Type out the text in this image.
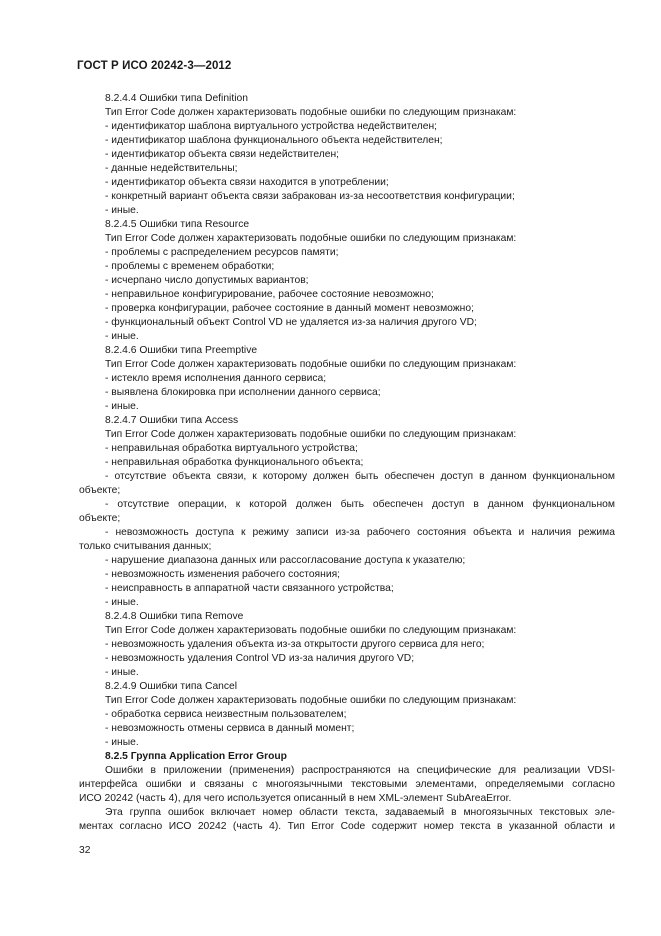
ГОСТ Р ИСО 20242-3—2012
8.2.4.4 Ошибки типа Definition
Тип Error Code должен характеризовать подобные ошибки по следующим признакам:
- идентификатор шаблона виртуального устройства недействителен;
- идентификатор шаблона функционального объекта недействителен;
- идентификатор объекта связи недействителен;
- данные недействительны;
- идентификатор объекта связи находится в употреблении;
- конкретный вариант объекта связи забракован из-за несоответствия конфигурации;
- иные.
8.2.4.5 Ошибки типа Resource
Тип Error Code должен характеризовать подобные ошибки по следующим признакам:
- проблемы с распределением ресурсов памяти;
- проблемы с временем обработки;
- исчерпано число допустимых вариантов;
- неправильное конфигурирование, рабочее состояние невозможно;
- проверка конфигурации, рабочее состояние в данный момент невозможно;
- функциональный объект Control VD не удаляется из-за наличия другого VD;
- иные.
8.2.4.6 Ошибки типа Preemptive
Тип Error Code должен характеризовать подобные ошибки по следующим признакам:
- истекло время исполнения данного сервиса;
- выявлена блокировка при исполнении данного сервиса;
- иные.
8.2.4.7 Ошибки типа Access
Тип Error Code должен характеризовать подобные ошибки по следующим признакам:
- неправильная обработка виртуального устройства;
- неправильная обработка функционального объекта;
- отсутствие объекта связи, к которому должен быть обеспечен доступ в данном функциональном
объекте;
- отсутствие операции, к которой должен быть обеспечен доступ в данном функциональном
объекте;
- невозможность доступа к режиму записи из-за рабочего состояния объекта и наличия режима
только считывания данных;
- нарушение диапазона данных или рассогласование доступа к указателю;
- невозможность изменения рабочего состояния;
- неисправность в аппаратной части связанного устройства;
- иные.
8.2.4.8 Ошибки типа Remove
Тип Error Code должен характеризовать подобные ошибки по следующим признакам:
- невозможность удаления объекта из-за открытости другого сервиса для него;
- невозможность удаления Control VD из-за наличия другого VD;
- иные.
8.2.4.9 Ошибки типа Cancel
Тип Error Code должен характеризовать подобные ошибки по следующим признакам:
- обработка сервиса неизвестным пользователем;
- невозможность отмены сервиса в данный момент;
- иные.
8.2.5 Группа Application Error Group
Ошибки в приложении (применения) распространяются на специфические для реализации VDSI-
интерфейса ошибки и связаны с многоязычными текстовыми элементами, определяемыми согласно
ИСО 20242 (часть 4), для чего используется описанный в нем XML-элемент SubAreaError.
Эта группа ошибок включает номер области текста, задаваемый в многоязычных текстовых эле-
ментах согласно ИСО 20242 (часть 4). Тип Error Code содержит номер текста в указанной области и
32
